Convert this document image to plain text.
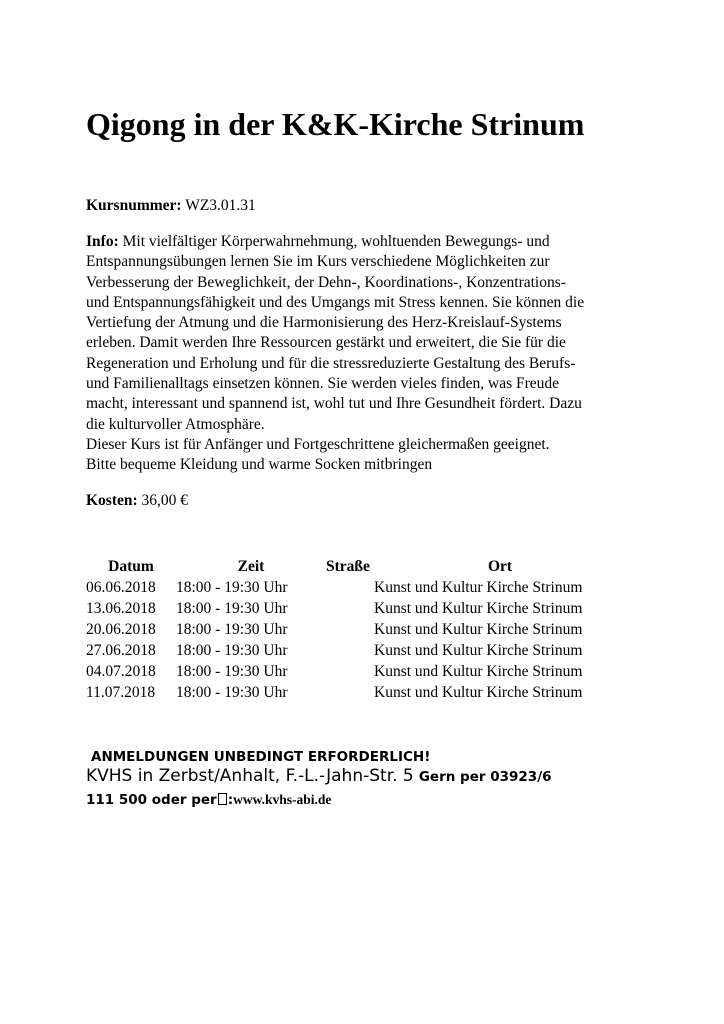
Qigong in der K&K-Kirche Strinum
Kursnummer: WZ3.01.31
Info: Mit vielfältiger Körperwahrnehmung, wohltuenden Bewegungs- und
Entspannungsübungen lernen Sie im Kurs verschiedene Möglichkeiten zur
Verbesserung der Beweglichkeit, der Dehn-, Koordinations-, Konzentrations-
und Entspannungsfähigkeit und des Umgangs mit Stress kennen. Sie können die
Vertiefung der Atmung und die Harmonisierung des Herz-Kreislauf-Systems
erleben. Damit werden Ihre Ressourcen gestärkt und erweitert, die Sie für die
Regeneration und Erholung und für die stressreduzierte Gestaltung des Berufs-
und Familienalltags einsetzen können. Sie werden vieles finden, was Freude
macht, interessant und spannend ist, wohl tut und Ihre Gesundheit fördert. Dazu
die kulturvoller Atmosphäre.
Dieser Kurs ist für Anfänger und Fortgeschrittene gleichermaßen geeignet.
Bitte bequeme Kleidung und warme Socken mitbringen
Kosten: 36,00 €
Datum	Zeit	Straße	Ort
06.06.2018	18:00 - 19:30 Uhr		Kunst und Kultur Kirche Strinum
13.06.2018	18:00 - 19:30 Uhr		Kunst und Kultur Kirche Strinum
20.06.2018	18:00 - 19:30 Uhr		Kunst und Kultur Kirche Strinum
27.06.2018	18:00 - 19:30 Uhr		Kunst und Kultur Kirche Strinum
04.07.2018	18:00 - 19:30 Uhr		Kunst und Kultur Kirche Strinum
11.07.2018	18:00 - 19:30 Uhr		Kunst und Kultur Kirche Strinum
ANMELDUNGEN UNBEDINGT ERFORDERLICH!
KVHS in Zerbst/Anhalt, F.-L.-Jahn-Str. 5 Gern per 03923/6
111 500 oder per :www.kvhs-abi.de
